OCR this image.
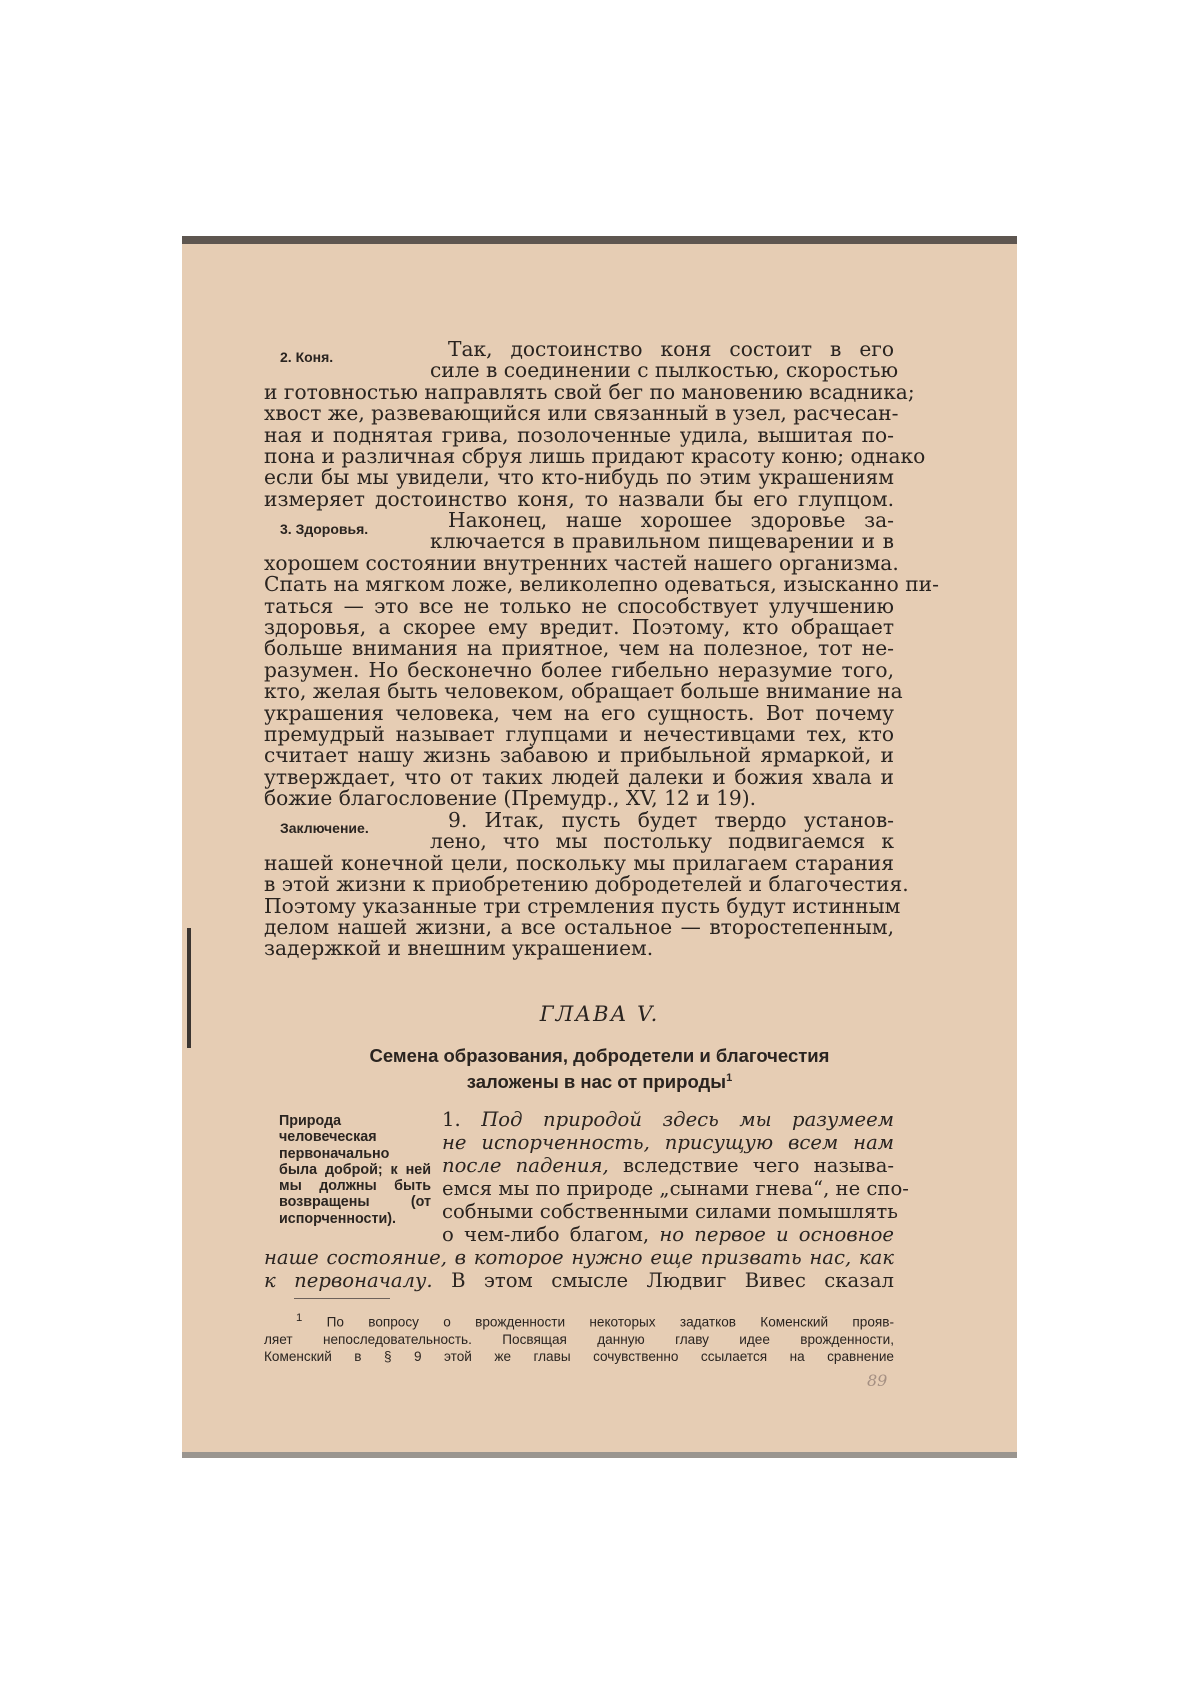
2. Коня.	Так, достоинство коня состоит в его
силе в соединении с пылкостью, скоростью
и готовностью направлять свой бег по мановению всадника;
хвост же, развевающийся или связанный в узел, расчесан-
ная и поднятая грива, позолоченные удила, вышитая по-
пона и различная сбруя лишь придают красоту коню; однако
если бы мы увидели, что кто-нибудь по этим украшениям
измеряет достоинство коня, то назвали бы его глупцом.
3. Здоровья.	Наконец, наше хорошее здоровье за-
ключается в правильном пищеварении и в
хорошем состоянии внутренних частей нашего организма.
Спать на мягком ложе, великолепно одеваться, изысканно пи-
таться — это все не только не способствует улучшению
здоровья, а скорее ему вредит. Поэтому, кто обращает
больше внимания на приятное, чем на полезное, тот не-
разумен. Но бесконечно более гибельно неразумие того,
кто, желая быть человеком, обращает больше внимание на
украшения человека, чем на его сущность. Вот почему
премудрый называет глупцами и нечестивцами тех, кто
считает нашу жизнь забавою и прибыльной ярмаркой, и
утверждает, что от таких людей далеки и божия хвала и
божие благословение (Премудр., XV, 12 и 19).
Заключение.	9. Итак, пусть будет твердо установ-
лено, что мы постольку подвигаемся к
нашей конечной цели, поскольку мы прилагаем старания
в этой жизни к приобретению добродетелей и благочестия.
Поэтому указанные три стремления пусть будут истинным
делом нашей жизни, а все остальное — второстепенным,
задержкой и внешним украшением.
ГЛАВА V.
Семена образования, добродетели и благочестия
заложены в нас от природы$^1$
Природа человеческая первоначально была доброй; к ней мы должны быть возвращены (от испорченности).
1. Под природой здесь мы разумеем
не испорченность, присущую всем нам
после падения, вследствие чего называ-
емся мы по природе „сынами гнева“, не спо-
собными собственными силами помышлять
о чем-либо благом, но первое и основное
наше состояние, в которое нужно еще призвать нас, как
к первоначалу. В этом смысле Людвиг Вивес сказал
$^1$ По вопросу о врожденности некоторых задатков Коменский прояв-
ляет непоследовательность. Посвящая данную главу идее врожденности,
Коменский в § 9 этой же главы сочувственно ссылается на сравнение
89
